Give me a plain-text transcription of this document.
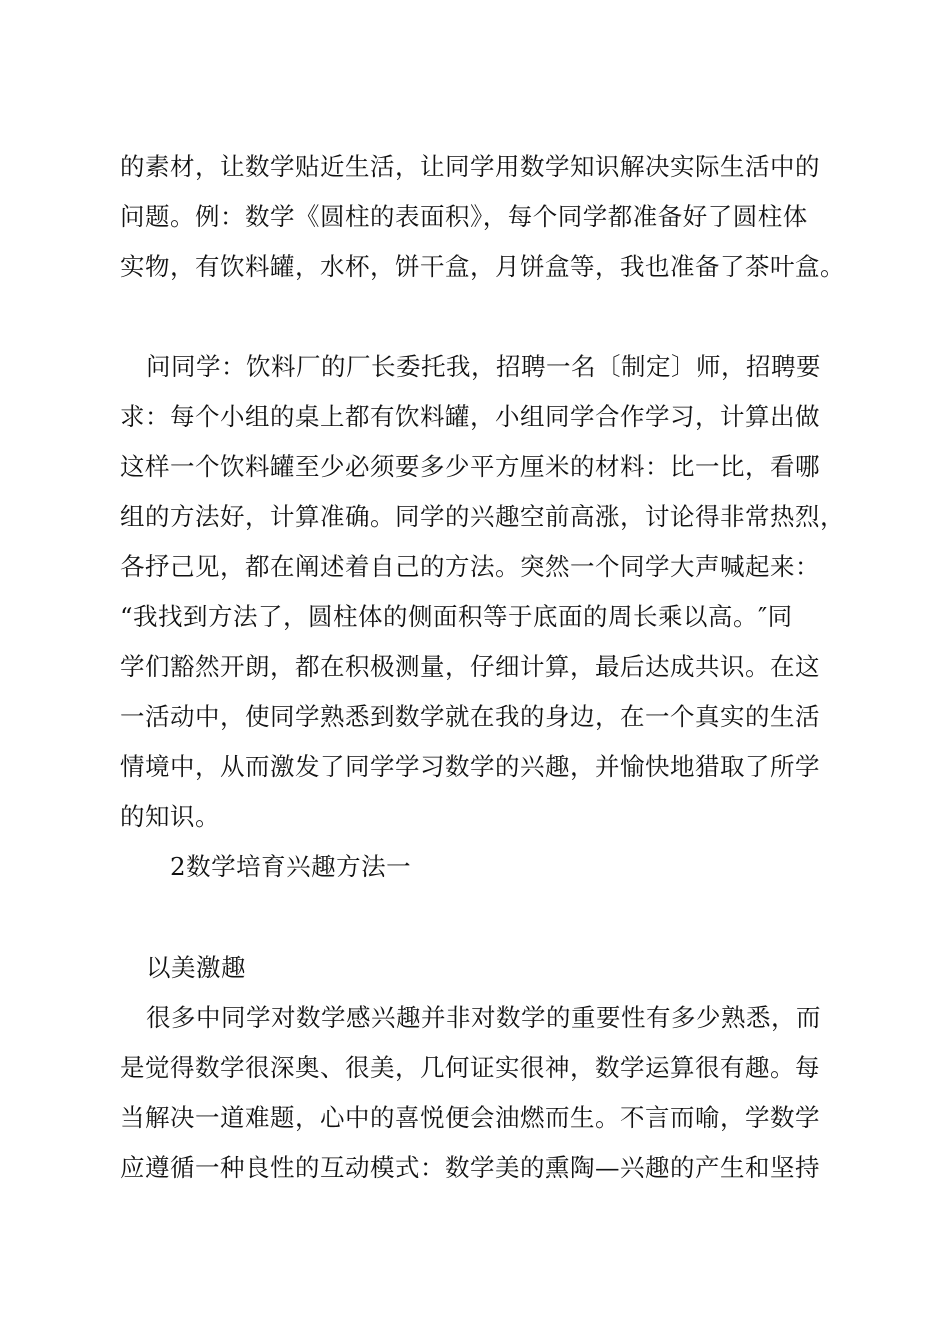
的素材，让数学贴近生活，让同学用数学知识解决实际生活中的
问题。例：数学《圆柱的表面积》，每个同学都准备好了圆柱体
实物，有饮料罐，水杯，饼干盒，月饼盒等，我也准备了茶叶盒。
问同学：饮料厂的厂长委托我，招聘一名〔制定〕师，招聘要
求：每个小组的桌上都有饮料罐，小组同学合作学习，计算出做
这样一个饮料罐至少必须要多少平方厘米的材料：比一比，看哪
组的方法好，计算准确。同学的兴趣空前高涨，讨论得非常热烈，
各抒己见，都在阐述着自己的方法。突然一个同学大声喊起来：
“我找到方法了，圆柱体的侧面积等于底面的周长乘以高。″同
学们豁然开朗，都在积极测量，仔细计算，最后达成共识。在这
一活动中，使同学熟悉到数学就在我的身边，在一个真实的生活
情境中，从而激发了同学学习数学的兴趣，并愉快地猎取了所学
的知识。
2数学培育兴趣方法一
以美激趣
很多中同学对数学感兴趣并非对数学的重要性有多少熟悉，而
是觉得数学很深奥、很美，几何证实很神，数学运算很有趣。每
当解决一道难题，心中的喜悦便会油燃而生。不言而喻，学数学
应遵循一种良性的互动模式：数学美的熏陶—兴趣的产生和坚持
